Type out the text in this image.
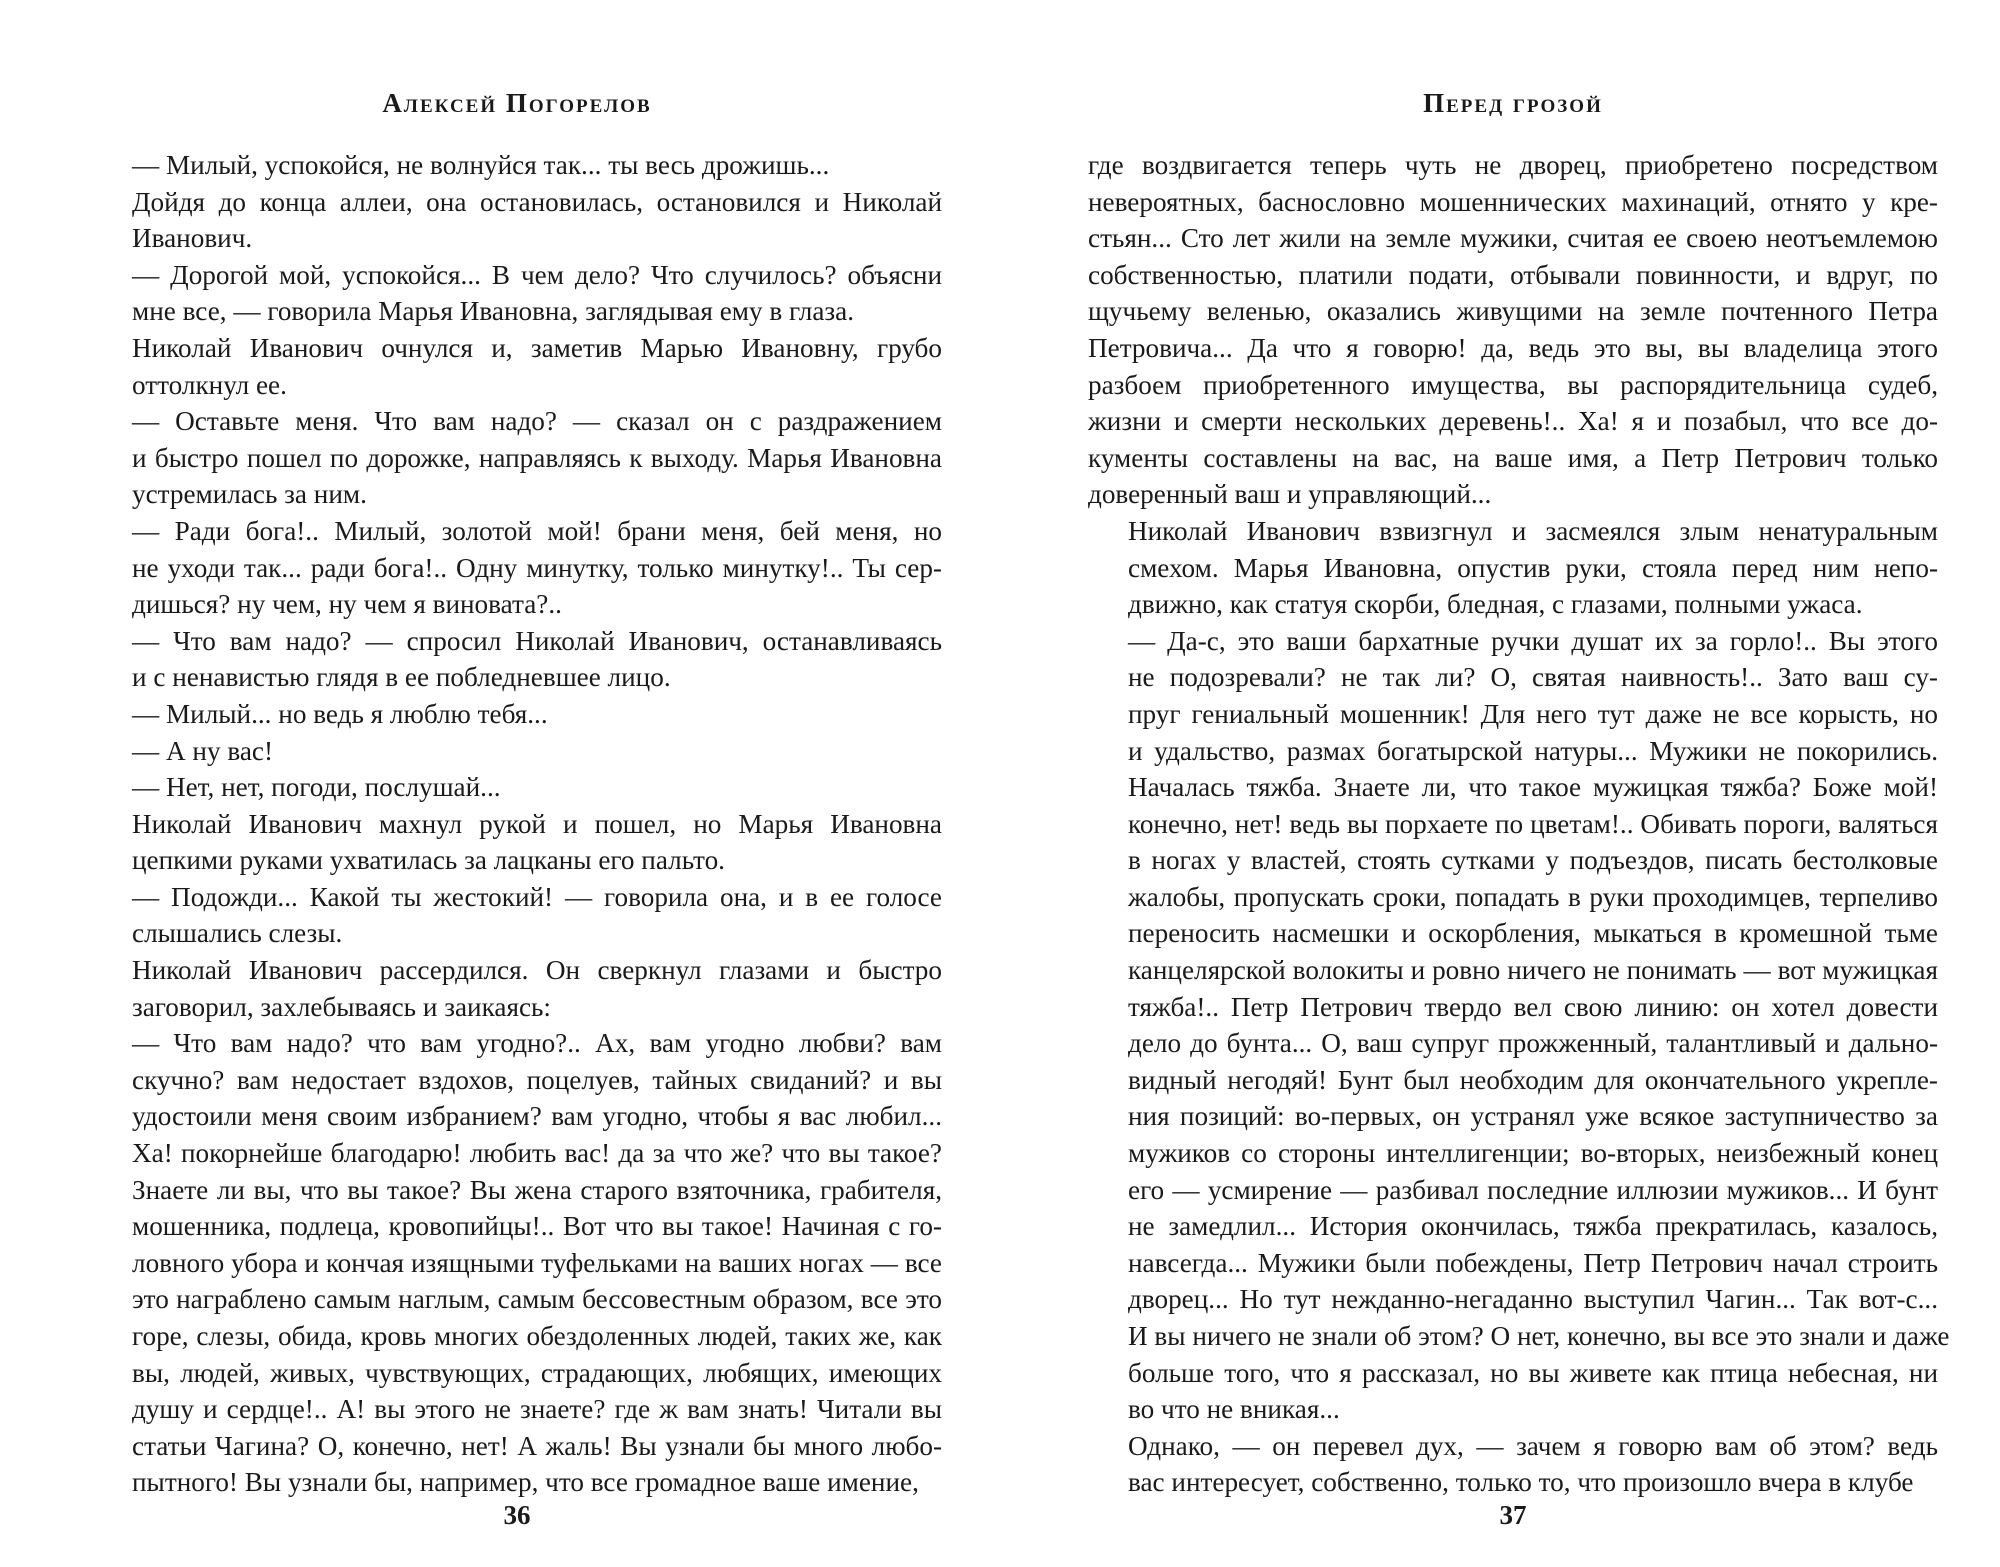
Алексей Погорелов

— Милый, успокойся, не волнуйся так... ты весь дрожишь...

Дойдя до конца аллеи, она остановилась, остановился и Николай
Иванович.

— Дорогой мой, успокойся... В чем дело? Что случилось? объясни
мне все, — говорила Марья Ивановна, заглядывая ему в глаза.

Николай Иванович очнулся и, заметив Марью Ивановну, грубо
оттолкнул ее.

— Оставьте меня. Что вам надо? — сказал он с раздражением
и быстро пошел по дорожке, направляясь к выходу. Марья Ивановна
устремилась за ним.

— Ради бога!.. Милый, золотой мой! брани меня, бей меня, но
не уходи так... ради бога!.. Одну минутку, только минутку!.. Ты сер-
дишься? ну чем, ну чем я виновата?..

— Что вам надо? — спросил Николай Иванович, останавливаясь
и с ненавистью глядя в ее побледневшее лицо.

— Милый... но ведь я люблю тебя...

— А ну вас!

— Нет, нет, погоди, послушай...

Николай Иванович махнул рукой и пошел, но Марья Ивановна
цепкими руками ухватилась за лацканы его пальто.

— Подожди... Какой ты жестокий! — говорила она, и в ее голосе
слышались слезы.

Николай Иванович рассердился. Он сверкнул глазами и быстро
заговорил, захлебываясь и заикаясь:

— Что вам надо? что вам угодно?.. Ах, вам угодно любви? вам
скучно? вам недостает вздохов, поцелуев, тайных свиданий? и вы
удостоили меня своим избранием? вам угодно, чтобы я вас любил...
Ха! покорнейше благодарю! любить вас! да за что же? что вы такое?
Знаете ли вы, что вы такое? Вы жена старого взяточника, грабителя,
мошенника, подлеца, кровопийцы!.. Вот что вы такое! Начиная с го-
ловного убора и кончая изящными туфельками на ваших ногах — все
это награблено самым наглым, самым бессовестным образом, все это
горе, слезы, обида, кровь многих обездоленных людей, таких же, как
вы, людей, живых, чувствующих, страдающих, любящих, имеющих
душу и сердце!.. А! вы этого не знаете? где ж вам знать! Читали вы
статьи Чагина? О, конечно, нет! А жаль! Вы узнали бы много любо-
пытного! Вы узнали бы, например, что все громадное ваше имение,

36
Перед грозой

где воздвигается теперь чуть не дворец, приобретено посредством
невероятных, баснословно мошеннических махинаций, отнято у кре-
стьян... Сто лет жили на земле мужики, считая ее своею неотъемлемою
собственностью, платили подати, отбывали повинности, и вдруг, по
щучьему веленью, оказались живущими на земле почтенного Петра
Петровича... Да что я говорю! да, ведь это вы, вы владелица этого
разбоем приобретенного имущества, вы распорядительница судеб,
жизни и смерти нескольких деревень!.. Ха! я и позабыл, что все до-
кументы составлены на вас, на ваше имя, а Петр Петрович только
доверенный ваш и управляющий...

Николай Иванович взвизгнул и засмеялся злым ненатуральным
смехом. Марья Ивановна, опустив руки, стояла перед ним непо-
движно, как статуя скорби, бледная, с глазами, полными ужаса.

— Да-с, это ваши бархатные ручки душат их за горло!.. Вы этого
не подозревали? не так ли? О, святая наивность!.. Зато ваш су-
пруг гениальный мошенник! Для него тут даже не все корысть, но
и удальство, размах богатырской натуры... Мужики не покорились.
Началась тяжба. Знаете ли, что такое мужицкая тяжба? Боже мой!
конечно, нет! ведь вы порхаете по цветам!.. Обивать пороги, валяться
в ногах у властей, стоять сутками у подъездов, писать бестолковые
жалобы, пропускать сроки, попадать в руки проходимцев, терпеливо
переносить насмешки и оскорбления, мыкаться в кромешной тьме
канцелярской волокиты и ровно ничего не понимать — вот мужицкая
тяжба!.. Петр Петрович твердо вел свою линию: он хотел довести
дело до бунта... О, ваш супруг прожженный, талантливый и дально-
видный негодяй! Бунт был необходим для окончательного укрепле-
ния позиций: во-первых, он устранял уже всякое заступничество за
мужиков со стороны интеллигенции; во-вторых, неизбежный конец
его — усмирение — разбивал последние иллюзии мужиков... И бунт
не замедлил... История окончилась, тяжба прекратилась, казалось,
навсегда... Мужики были побеждены, Петр Петрович начал строить
дворец... Но тут нежданно-негаданно выступил Чагин... Так вот-с...
И вы ничего не знали об этом? О нет, конечно, вы все это знали и даже
больше того, что я рассказал, но вы живете как птица небесная, ни
во что не вникая...

Однако, — он перевел дух, — зачем я говорю вам об этом? ведь
вас интересует, собственно, только то, что произошло вчера в клубе

37
